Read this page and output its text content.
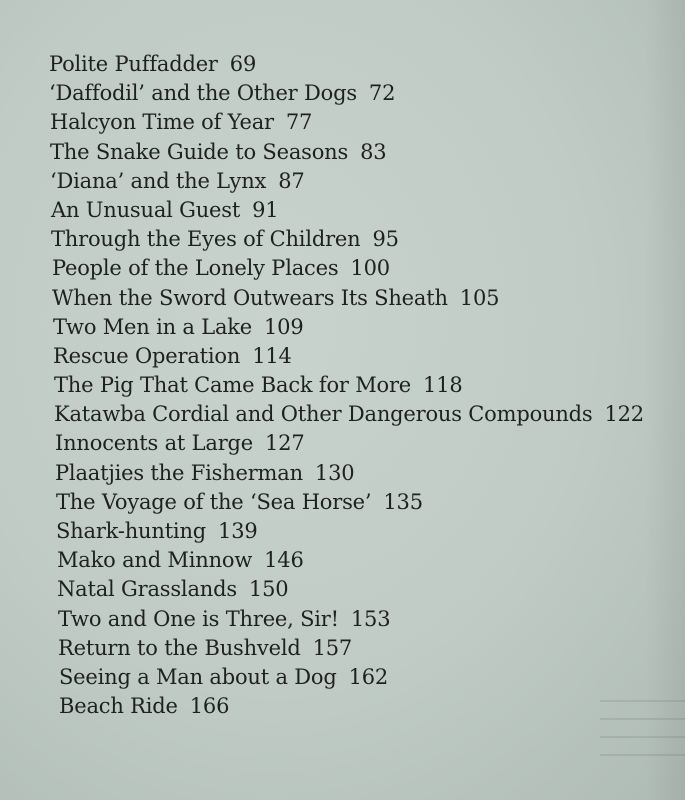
Polite Puffadder 69
‘Daffodil’ and the Other Dogs 72
Halcyon Time of Year 77
The Snake Guide to Seasons 83
‘Diana’ and the Lynx 87
An Unusual Guest 91
Through the Eyes of Children 95
People of the Lonely Places 100
When the Sword Outwears Its Sheath 105
Two Men in a Lake 109
Rescue Operation 114
The Pig That Came Back for More 118
Katawba Cordial and Other Dangerous Compounds 122
Innocents at Large 127
Plaatjies the Fisherman 130
The Voyage of the ‘Sea Horse’ 135
Shark-hunting 139
Mako and Minnow 146
Natal Grasslands 150
Two and One is Three, Sir! 153
Return to the Bushveld 157
Seeing a Man about a Dog 162
Beach Ride 166
